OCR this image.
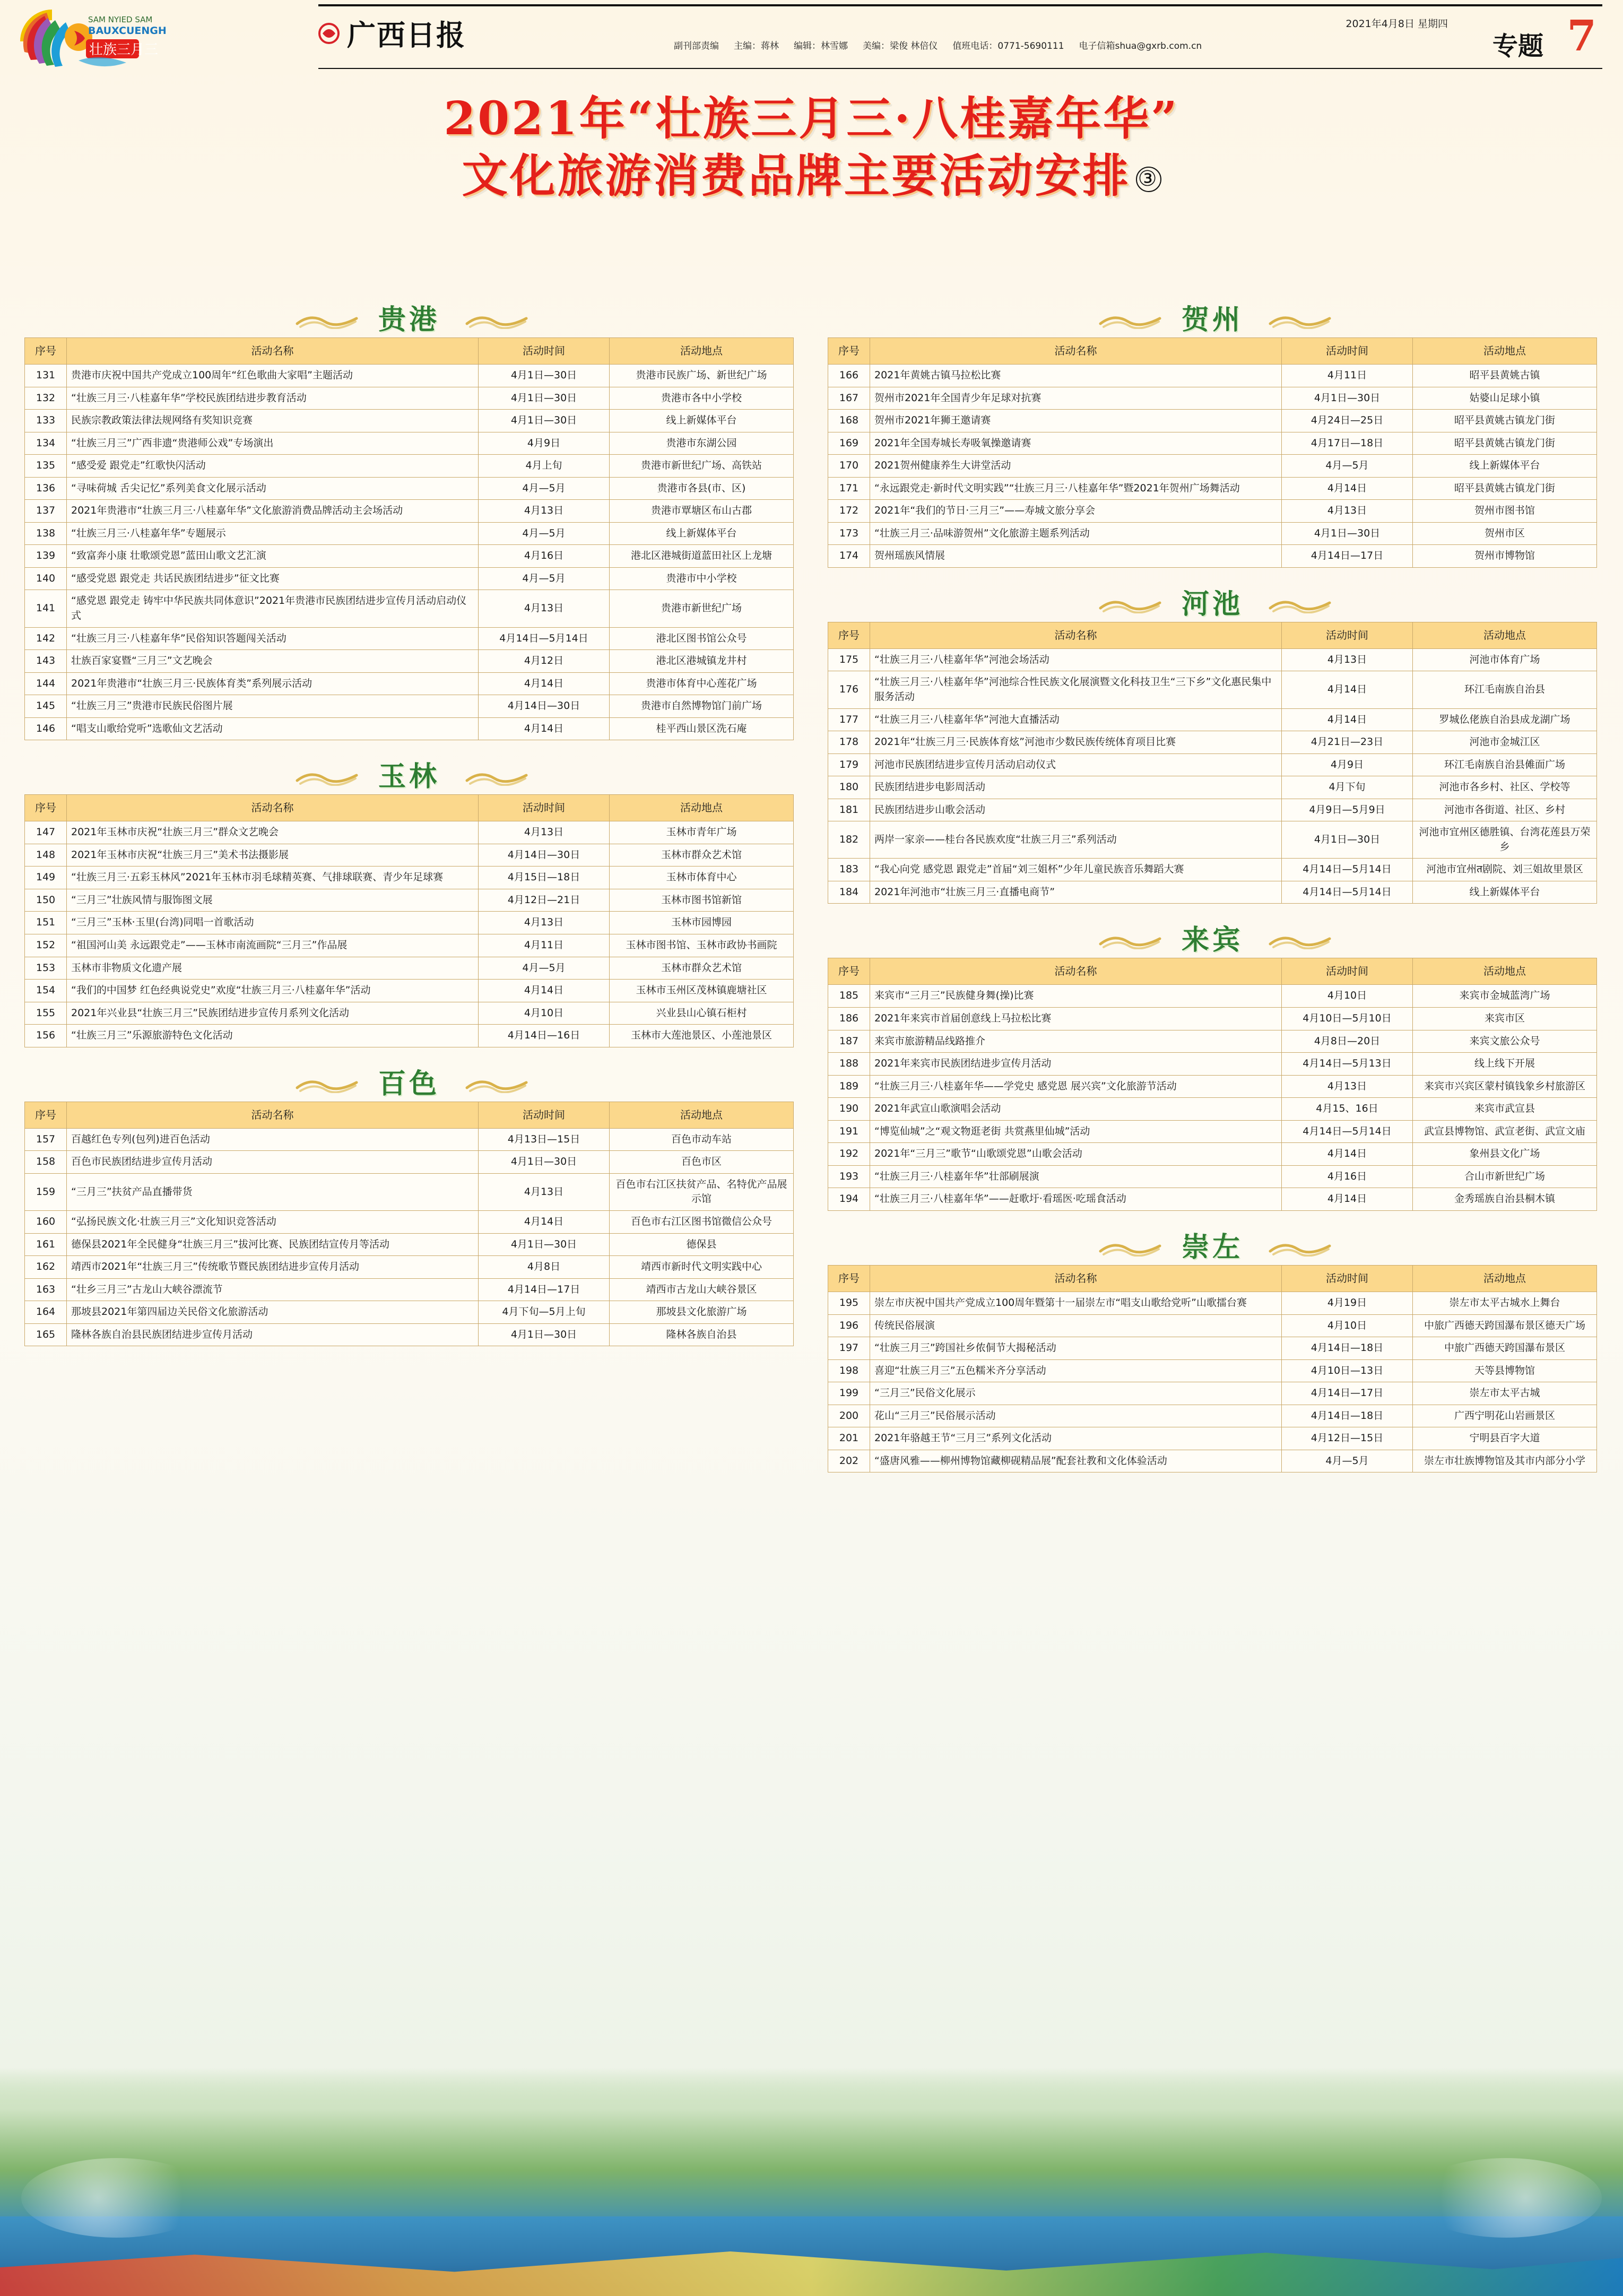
SAM NYIED SAM
BAUXCUENGH
壮族三月三	广西日报	副刊部责编 主编：蒋林 编辑：林雪娜 美编：梁俊 林倍仪 值班电话：0771-5690111 电子信箱shua@gxrb.com.cn
2021年4月8日 星期四
专题 7
2021年“壮族三月三·八桂嘉年华”
文化旅游消费品牌主要活动安排 ③
贵港
序号	活动名称	活动时间	活动地点
131	贵港市庆祝中国共产党成立100周年“红色歌曲大家唱”主题活动	4月1日—30日	贵港市民族广场、新世纪广场
132	“壮族三月三·八桂嘉年华”学校民族团结进步教育活动	4月1日—30日	贵港市各中小学校
133	民族宗教政策法律法规网络有奖知识竞赛	4月1日—30日	线上新媒体平台
134	“壮族三月三”广西非遗“贵港师公戏”专场演出	4月9日	贵港市东湖公园
135	“感受爱 跟党走”红歌快闪活动	4月上旬	贵港市新世纪广场、高铁站
136	“寻味荷城 舌尖记忆”系列美食文化展示活动	4月—5月	贵港市各县(市、区)
137	2021年贵港市“壮族三月三·八桂嘉年华”文化旅游消费品牌活动主会场活动	4月13日	贵港市覃塘区布山古郡
138	“壮族三月三·八桂嘉年华”专题展示	4月—5月	线上新媒体平台
139	“致富奔小康 壮歌颂党恩”蓝田山歌文艺汇演	4月16日	港北区港城街道蓝田社区上龙塘
140	“感受党恩 跟党走 共话民族团结进步”征文比赛	4月—5月	贵港市中小学校
141	“感党恩 跟党走 铸牢中华民族共同体意识”2021年贵港市民族团结进步宣传月活动启动仪式	4月13日	贵港市新世纪广场
142	“壮族三月三·八桂嘉年华”民俗知识答题闯关活动	4月14日—5月14日	港北区图书馆公众号
143	壮族百家宴暨“三月三”文艺晚会	4月12日	港北区港城镇龙井村
144	2021年贵港市“壮族三月三·民族体育类”系列展示活动	4月14日	贵港市体育中心莲花广场
145	“壮族三月三”贵港市民族民俗图片展	4月14日—30日	贵港市自然博物馆门前广场
146	“唱支山歌给党听”选歌仙文艺活动	4月14日	桂平西山景区洗石庵
玉林
序号	活动名称	活动时间	活动地点
147	2021年玉林市庆祝“壮族三月三”群众文艺晚会	4月13日	玉林市青年广场
148	2021年玉林市庆祝“壮族三月三”美术书法摄影展	4月14日—30日	玉林市群众艺术馆
149	“壮族三月三·五彩玉林风”2021年玉林市羽毛球精英赛、气排球联赛、青少年足球赛	4月15日—18日	玉林市体育中心
150	“三月三”壮族风情与服饰图文展	4月12日—21日	玉林市图书馆新馆
151	“三月三”玉林·玉里(台湾)同唱一首歌活动	4月13日	玉林市园博园
152	“祖国河山美 永远跟党走”——玉林市南流画院“三月三”作品展	4月11日	玉林市图书馆、玉林市政协书画院
153	玉林市非物质文化遗产展	4月—5月	玉林市群众艺术馆
154	“我们的中国梦 红色经典说党史”欢度“壮族三月三·八桂嘉年华”活动	4月14日	玉林市玉州区茂林镇鹿塘社区
155	2021年兴业县“壮族三月三”民族团结进步宣传月系列文化活动	4月10日	兴业县山心镇石柜村
156	“壮族三月三”乐源旅游特色文化活动	4月14日—16日	玉林市大莲池景区、小莲池景区
百色
序号	活动名称	活动时间	活动地点
157	百越红色专列(包列)进百色活动	4月13日—15日	百色市动车站
158	百色市民族团结进步宣传月活动	4月1日—30日	百色市区
159	“三月三”扶贫产品直播带货	4月13日	百色市右江区扶贫产品、名特优产品展示馆
160	“弘扬民族文化·壮族三月三”文化知识竞答活动	4月14日	百色市右江区图书馆微信公众号
161	德保县2021年全民健身“壮族三月三”拔河比赛、民族团结宣传月等活动	4月1日—30日	德保县
162	靖西市2021年“壮族三月三”传统歌节暨民族团结进步宣传月活动	4月8日	靖西市新时代文明实践中心
163	“壮乡三月三”古龙山大峡谷漂流节	4月14日—17日	靖西市古龙山大峡谷景区
164	那坡县2021年第四届边关民俗文化旅游活动	4月下旬—5月上旬	那坡县文化旅游广场
165	隆林各族自治县民族团结进步宣传月活动	4月1日—30日	隆林各族自治县
贺州
序号	活动名称	活动时间	活动地点
166	2021年黄姚古镇马拉松比赛	4月11日	昭平县黄姚古镇
167	贺州市2021年全国青少年足球对抗赛	4月1日—30日	姑婆山足球小镇
168	贺州市2021年狮王邀请赛	4月24日—25日	昭平县黄姚古镇龙门街
169	2021年全国寿城长寿吸氧操邀请赛	4月17日—18日	昭平县黄姚古镇龙门街
170	2021贺州健康养生大讲堂活动	4月—5月	线上新媒体平台
171	“永远跟党走·新时代文明实践”“壮族三月三·八桂嘉年华”暨2021年贺州广场舞活动	4月14日	昭平县黄姚古镇龙门街
172	2021年“我们的节日·三月三”——寿城文旅分享会	4月13日	贺州市图书馆
173	“壮族三月三·品味游贺州”文化旅游主题系列活动	4月1日—30日	贺州市区
174	贺州瑶族风情展	4月14日—17日	贺州市博物馆
河池
序号	活动名称	活动时间	活动地点
175	“壮族三月三·八桂嘉年华”河池会场活动	4月13日	河池市体育广场
176	“壮族三月三·八桂嘉年华”河池综合性民族文化展演暨文化科技卫生“三下乡”文化惠民集中服务活动	4月14日	环江毛南族自治县
177	“壮族三月三·八桂嘉年华”河池大直播活动	4月14日	罗城仫佬族自治县成龙湖广场
178	2021年“壮族三月三·民族体育炫”河池市少数民族传统体育项目比赛	4月21日—23日	河池市金城江区
179	河池市民族团结进步宣传月活动启动仪式	4月9日	环江毛南族自治县傩面广场
180	民族团结进步电影周活动	4月下旬	河池市各乡村、社区、学校等
181	民族团结进步山歌会活动	4月9日—5月9日	河池市各街道、社区、乡村
182	两岸一家亲——桂台各民族欢度“壮族三月三”系列活动	4月1日—30日	河池市宜州区德胜镇、台湾花莲县万荣乡
183	“我心向党 感党恩 跟党走”首届“刘三姐杯”少年儿童民族音乐舞蹈大赛	4月14日—5月14日	河池市宜州त剧院、刘三姐故里景区
184	2021年河池市“壮族三月三·直播电商节”	4月14日—5月14日	线上新媒体平台
来宾
序号	活动名称	活动时间	活动地点
185	来宾市“三月三”民族健身舞(操)比赛	4月10日	来宾市金城蓝湾广场
186	2021年来宾市首届创意线上马拉松比赛	4月10日—5月10日	来宾市区
187	来宾市旅游精品线路推介	4月8日—20日	来宾文旅公众号
188	2021年来宾市民族团结进步宣传月活动	4月14日—5月13日	线上线下开展
189	“壮族三月三·八桂嘉年华——学党史 感党恩 展兴宾”文化旅游节活动	4月13日	来宾市兴宾区蒙村镇钱象乡村旅游区
190	2021年武宣山歌演唱会活动	4月15、16日	来宾市武宣县
191	“博览仙城”之“观文物逛老街 共赏燕里仙城”活动	4月14日—5月14日	武宣县博物馆、武宣老街、武宣文庙
192	2021年“三月三”歌节“山歌颂党恩”山歌会活动	4月14日	象州县文化广场
193	“壮族三月三·八桂嘉年华”壮部刷展演	4月16日	合山市新世纪广场
194	“壮族三月三·八桂嘉年华”——赶歌圩·看瑶医·吃瑶食活动	4月14日	金秀瑶族自治县桐木镇
崇左
序号	活动名称	活动时间	活动地点
195	崇左市庆祝中国共产党成立100周年暨第十一届崇左市“唱支山歌给党听”山歌擂台赛	4月19日	崇左市太平古城水上舞台
196	传统民俗展演	4月10日	中旅广西德天跨国瀑布景区德天广场
197	“壮族三月三”跨国社乡侬侗节大揭秘活动	4月14日—18日	中旅广西德天跨国瀑布景区
198	喜迎“壮族三月三”五色糯米齐分享活动	4月10日—13日	天等县博物馆
199	“三月三”民俗文化展示	4月14日—17日	崇左市太平古城
200	花山“三月三”民俗展示活动	4月14日—18日	广西宁明花山岩画景区
201	2021年骆越王节“三月三”系列文化活动	4月12日—15日	宁明县百字大道
202	“盛唐风雅——柳州博物馆藏柳砚精品展”配套社教和文化体验活动	4月—5月	崇左市壮族博物馆及其市内部分小学
